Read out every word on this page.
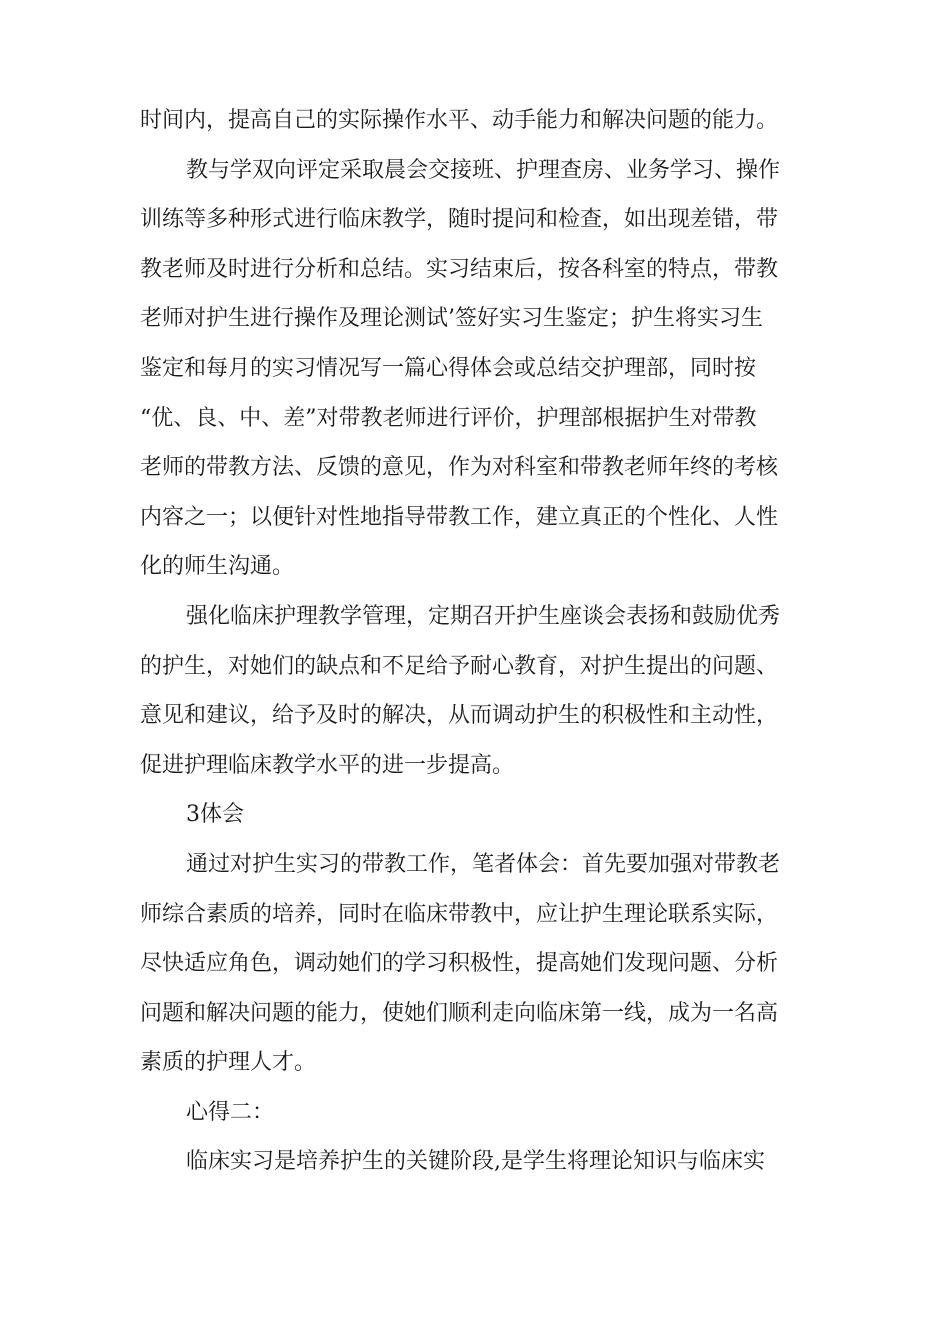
时间内，提高自己的实际操作水平、动手能力和解决问题的能力。
教与学双向评定采取晨会交接班、护理查房、业务学习、操作
训练等多种形式进行临床教学，随时提问和检查，如出现差错，带
教老师及时进行分析和总结。实习结束后，按各科室的特点，带教
老师对护生进行操作及理论测试’签好实习生鉴定；护生将实习生
鉴定和每月的实习情况写一篇心得体会或总结交护理部，同时按
“优、良、中、差”对带教老师进行评价，护理部根据护生对带教
老师的带教方法、反馈的意见，作为对科室和带教老师年终的考核
内容之一；以便针对性地指导带教工作，建立真正的个性化、人性
化的师生沟通。
强化临床护理教学管理，定期召开护生座谈会表扬和鼓励优秀
的护生，对她们的缺点和不足给予耐心教育，对护生提出的问题、
意见和建议，给予及时的解决，从而调动护生的积极性和主动性，
促进护理临床教学水平的进一步提高。
3体会
通过对护生实习的带教工作，笔者体会：首先要加强对带教老
师综合素质的培养，同时在临床带教中，应让护生理论联系实际，
尽快适应角色，调动她们的学习积极性，提高她们发现问题、分析
问题和解决问题的能力，使她们顺利走向临床第一线，成为一名高
素质的护理人才。
心得二：
临床实习是培养护生的关键阶段,是学生将理论知识与临床实
